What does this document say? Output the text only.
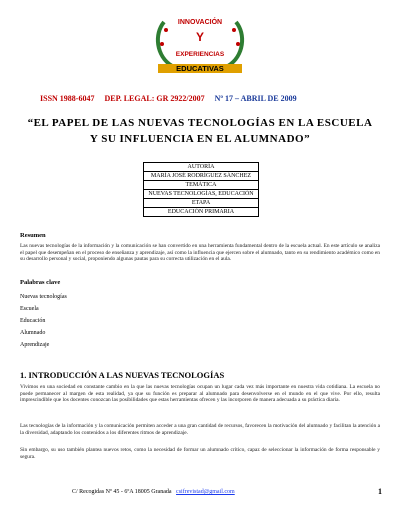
INNOVACIÓN
Y
EXPERIENCIAS
EDUCATIVAS
ISSN 1988-6047 DEP. LEGAL: GR 2922/2007 Nº 17 – ABRIL DE 2009
“EL PAPEL DE LAS NUEVAS TECNOLOGÍAS EN LA ESCUELA
Y SU INFLUENCIA EN EL ALUMNADO”
AUTORÍA
MARÍA JOSÉ RODRÍGUEZ SÁNCHEZ
TEMÁTICA
NUEVAS TECNOLOGÍAS, EDUCACIÓN
ETAPA
EDUCACIÓN PRIMARIA
Resumen
Las nuevas tecnologías de la información y la comunicación se han convertido en una herramienta fundamental dentro de la escuela actual. En este artículo se analiza el papel que desempeñan en el proceso de enseñanza y aprendizaje, así como la influencia que ejercen sobre el alumnado, tanto en su rendimiento académico como en su desarrollo personal y social, proponiendo algunas pautas para su correcta utilización en el aula.
Palabras clave
Nuevas tecnologías
Escuela
Educación
Alumnado
Aprendizaje
1. INTRODUCCIÓN A LAS NUEVAS TECNOLOGÍAS
Vivimos en una sociedad en constante cambio en la que las nuevas tecnologías ocupan un lugar cada vez más importante en nuestra vida cotidiana. La escuela no puede permanecer al margen de esta realidad, ya que su función es preparar al alumnado para desenvolverse en el mundo en el que vive. Por ello, resulta imprescindible que los docentes conozcan las posibilidades que estas herramientas ofrecen y las incorporen de manera adecuada a su práctica diaria.
Las tecnologías de la información y la comunicación permiten acceder a una gran cantidad de recursos, favorecen la motivación del alumnado y facilitan la atención a la diversidad, adaptando los contenidos a los diferentes ritmos de aprendizaje.
Sin embargo, su uso también plantea nuevos retos, como la necesidad de formar un alumnado crítico, capaz de seleccionar la información de forma responsable y segura.
C/ Recogidas Nº 45 - 6ºA 18005 Granada csifrevistad@gmail.com	1
